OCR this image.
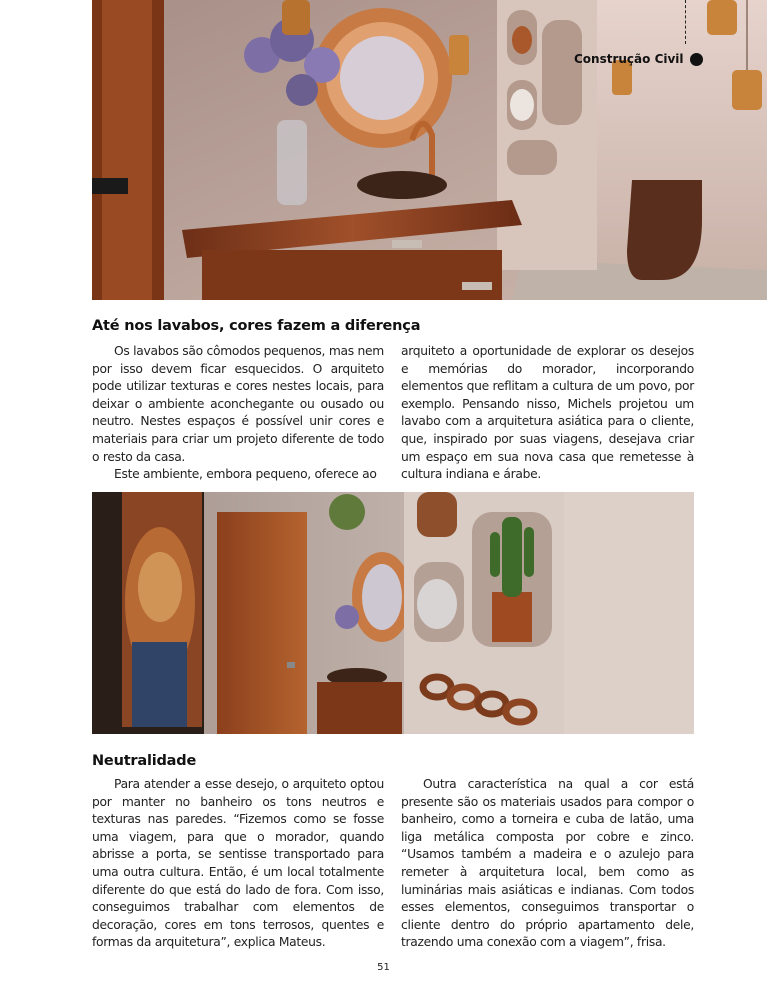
Construção Civil
Até nos lavabos, cores fazem a diferença

Os lavabos são cômodos pequenos, mas nem por isso devem ficar esquecidos. O arquiteto pode utilizar texturas e cores nestes locais, para deixar o ambiente aconchegante ou ousado ou neutro. Nestes espaços é possível unir cores e materiais para criar um projeto diferente de todo o resto da casa.

Este ambiente, embora pequeno, oferece ao

arquiteto a oportunidade de explorar os desejos e memórias do morador, incorporando elementos que reflitam a cultura de um povo, por exemplo. Pensando nisso, Michels projetou um lavabo com a arquitetura asiática para o cliente, que, inspirado por suas viagens, desejava criar um espaço em sua nova casa que remetesse à cultura indiana e árabe.

Neutralidade

Para atender a esse desejo, o arquiteto optou por manter no banheiro os tons neutros e texturas nas paredes. “Fizemos como se fosse uma viagem, para que o morador, quando abrisse a porta, se sentisse transportado para uma outra cultura. Então, é um local totalmente diferente do que está do lado de fora. Com isso, conseguimos trabalhar com elementos de decoração, cores em tons terrosos, quentes e formas da arquitetura”, explica Mateus.

Outra característica na qual a cor está presente são os materiais usados para compor o banheiro, como a torneira e cuba de latão, uma liga metálica composta por cobre e zinco. “Usamos também a madeira e o azulejo para remeter à arquitetura local, bem como as luminárias mais asiáticas e indianas. Com todos esses elementos, conseguimos transportar o cliente dentro do próprio apartamento dele, trazendo uma conexão com a viagem”, frisa.

51
